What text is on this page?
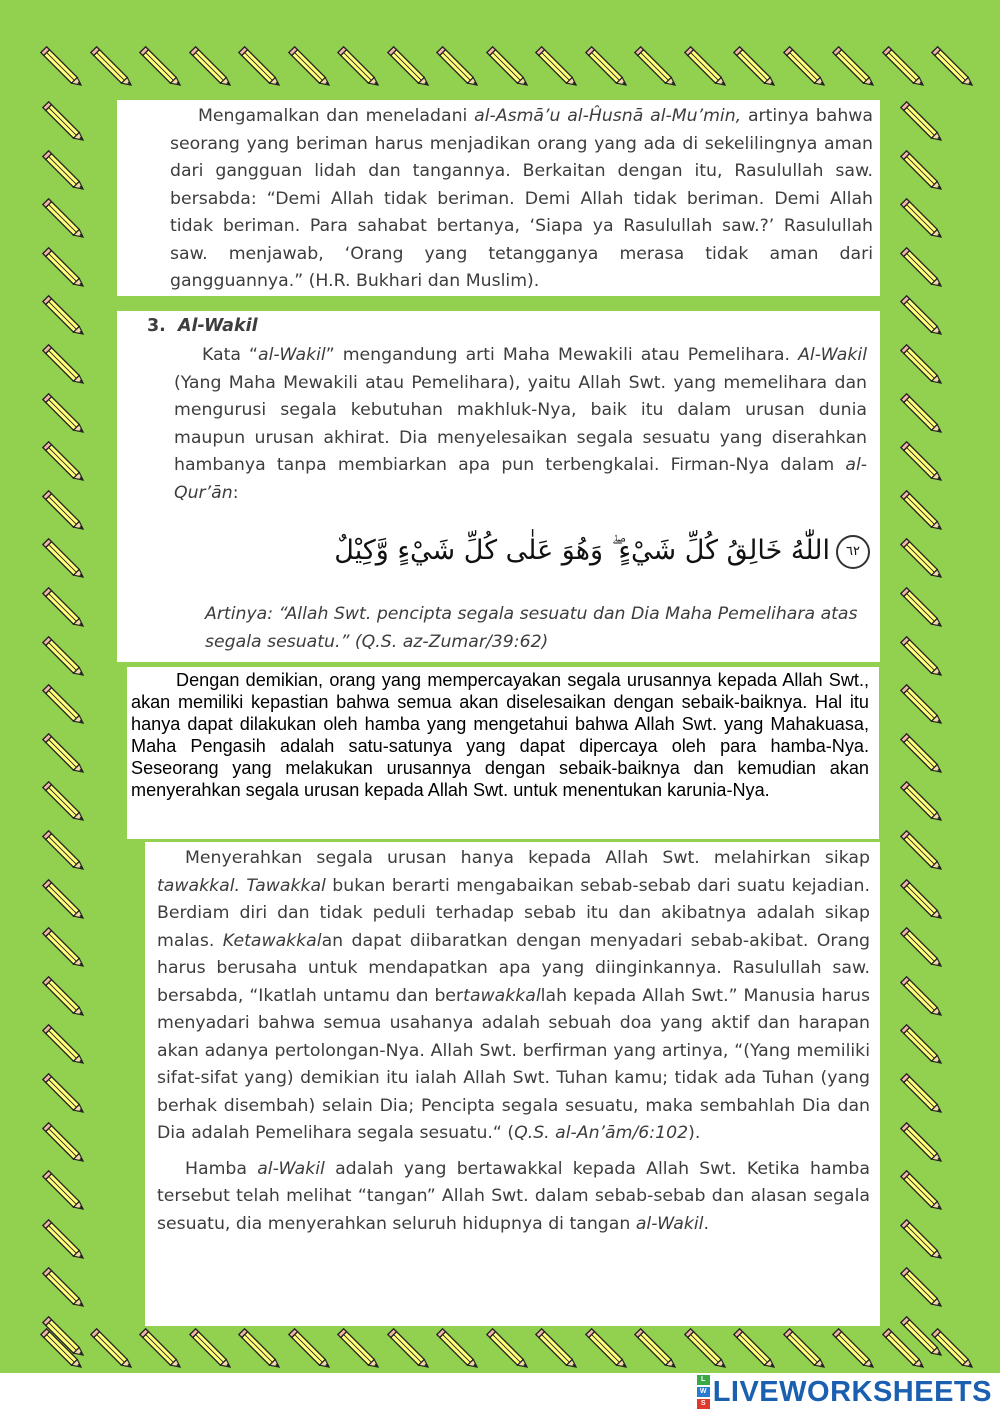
Mengamalkan dan meneladani al-Asmā’u al-Ĥusnā al-Mu’min, artinya bahwa seorang yang beriman harus menjadikan orang yang ada di sekelilingnya aman dari gangguan lidah dan tangannya. Berkaitan dengan itu, Rasulullah saw. bersabda: “Demi Allah tidak beriman. Demi Allah tidak beriman. Demi Allah tidak beriman. Para sahabat bertanya, ‘Siapa ya Rasulullah saw.?’ Rasulullah saw. menjawab, ‘Orang yang tetangganya merasa tidak aman dari gangguannya.” (H.R. Bukhari dan Muslim).

3. Al-Wakil

Kata “al-Wakil” mengandung arti Maha Mewakili atau Pemelihara. Al-Wakil (Yang Maha Mewakili atau Pemelihara), yaitu Allah Swt. yang memelihara dan mengurusi segala kebutuhan makhluk-Nya, baik itu dalam urusan dunia maupun urusan akhirat. Dia menyelesaikan segala sesuatu yang diserahkan hambanya tanpa membiarkan apa pun terbengkalai. Firman-Nya dalam al-Qur’ān:

٦٢اللّٰهُ خَالِقُ كُلِّ شَيْءٍ ۖ وَهُوَ عَلٰى كُلِّ شَيْءٍ وَّكِيْلٌ

Artinya: “Allah Swt. pencipta segala sesuatu dan Dia Maha Pemelihara atas segala sesuatu.” (Q.S. az-Zumar/39:62)

Dengan demikian, orang yang mempercayakan segala urusannya kepada Allah Swt., akan memiliki kepastian bahwa semua akan diselesaikan dengan sebaik-baiknya. Hal itu hanya dapat dilakukan oleh hamba yang mengetahui bahwa Allah Swt. yang Mahakuasa, Maha Pengasih adalah satu-satunya yang dapat dipercaya oleh para hamba-Nya. Seseorang yang melakukan urusannya dengan sebaik-baiknya dan kemudian akan menyerahkan segala urusan kepada Allah Swt. untuk menentukan karunia-Nya.

Menyerahkan segala urusan hanya kepada Allah Swt. melahirkan sikap tawakkal. Tawakkal bukan berarti mengabaikan sebab-sebab dari suatu kejadian. Berdiam diri dan tidak peduli terhadap sebab itu dan akibatnya adalah sikap malas. Ketawakkalan dapat diibaratkan dengan menyadari sebab-akibat. Orang harus berusaha untuk mendapatkan apa yang diinginkannya. Rasulullah saw. bersabda, “Ikatlah untamu dan bertawakkallah kepada Allah Swt.” Manusia harus menyadari bahwa semua usahanya adalah sebuah doa yang aktif dan harapan akan adanya pertolongan-Nya. Allah Swt. berfirman yang artinya, “(Yang memiliki sifat-sifat yang) demikian itu ialah Allah Swt. Tuhan kamu; tidak ada Tuhan (yang berhak disembah) selain Dia; Pencipta segala sesuatu, maka sembahlah Dia dan Dia adalah Pemelihara segala sesuatu.“ (Q.S. al-An’ām/6:102).

Hamba al-Wakil adalah yang bertawakkal kepada Allah Swt. Ketika hamba tersebut telah melihat “tangan” Allah Swt. dalam sebab-sebab dan alasan segala sesuatu, dia menyerahkan seluruh hidupnya di tangan al-Wakil.

L
W
S LIVEWORKSHEETS
